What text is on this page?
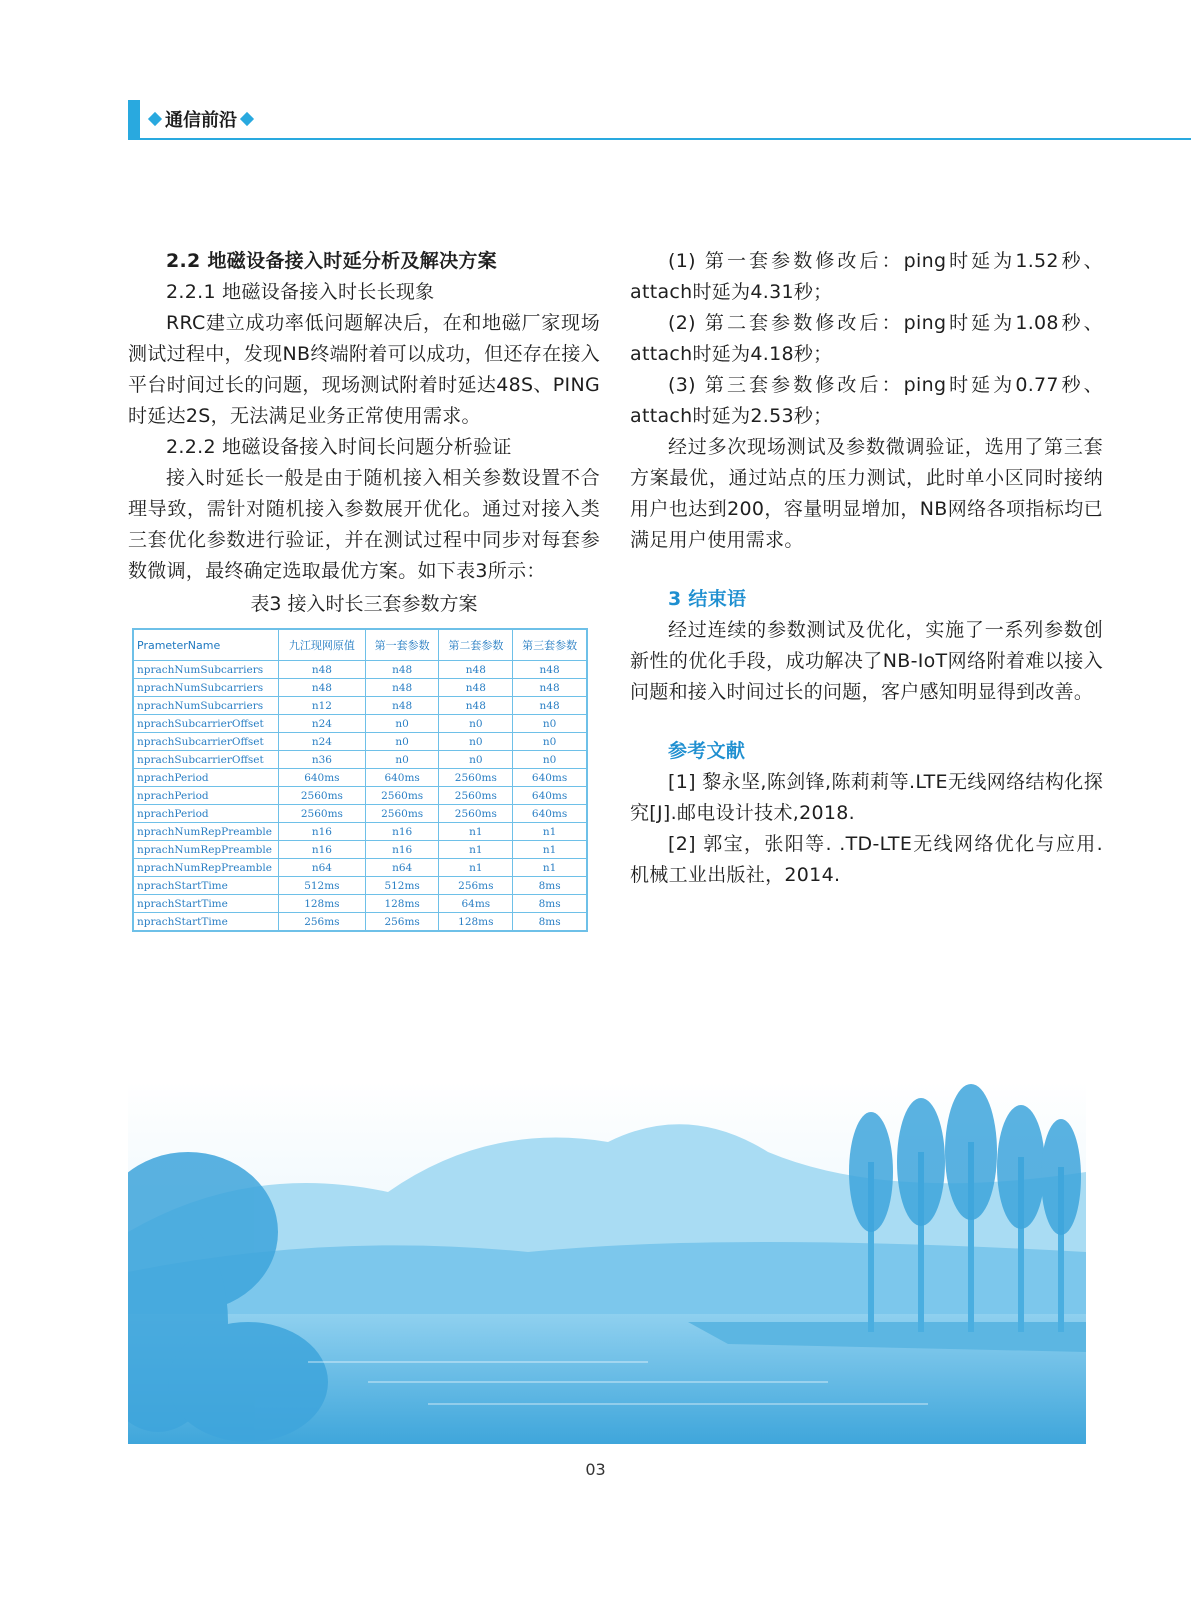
通信前沿

2.2 地磁设备接入时延分析及解决方案

2.2.1 地磁设备接入时长长现象

RRC建立成功率低问题解决后，在和地磁厂家现场测试过程中，发现NB终端附着可以成功，但还存在接入平台时间过长的问题，现场测试附着时延达48S、PING时延达2S，无法满足业务正常使用需求。

2.2.2 地磁设备接入时间长问题分析验证

接入时延长一般是由于随机接入相关参数设置不合理导致，需针对随机接入参数展开优化。通过对接入类三套优化参数进行验证，并在测试过程中同步对每套参数微调，最终确定选取最优方案。如下表3所示：

表3 接入时长三套参数方案
PrameterName	九江现网原值	第一套参数	第二套参数	第三套参数
nprachNumSubcarriers	n48	n48	n48	n48
nprachNumSubcarriers	n48	n48	n48	n48
nprachNumSubcarriers	n12	n48	n48	n48
nprachSubcarrierOffset	n24	n0	n0	n0
nprachSubcarrierOffset	n24	n0	n0	n0
nprachSubcarrierOffset	n36	n0	n0	n0
nprachPeriod	640ms	640ms	2560ms	640ms
nprachPeriod	2560ms	2560ms	2560ms	640ms
nprachPeriod	2560ms	2560ms	2560ms	640ms
nprachNumRepPreamble	n16	n16	n1	n1
nprachNumRepPreamble	n16	n16	n1	n1
nprachNumRepPreamble	n64	n64	n1	n1
nprachStartTime	512ms	512ms	256ms	8ms
nprachStartTime	128ms	128ms	64ms	8ms
nprachStartTime	256ms	256ms	128ms	8ms

(1) 第一套参数修改后：ping时延为1.52秒、attach时延为4.31秒；

(2) 第二套参数修改后：ping时延为1.08秒、attach时延为4.18秒；

(3) 第三套参数修改后：ping时延为0.77秒、attach时延为2.53秒；

经过多次现场测试及参数微调验证，选用了第三套方案最优，通过站点的压力测试，此时单小区同时接纳用户也达到200，容量明显增加，NB网络各项指标均已满足用户使用需求。

3 结束语

经过连续的参数测试及优化，实施了一系列参数创新性的优化手段，成功解决了NB-IoT网络附着难以接入问题和接入时间过长的问题，客户感知明显得到改善。

参考文献

[1] 黎永坚,陈剑锋,陈莉莉等.LTE无线网络结构化探究[J].邮电设计技术,2018.

[2] 郭宝，张阳等. .TD-LTE无线网络优化与应用. 机械工业出版社，2014.

03
